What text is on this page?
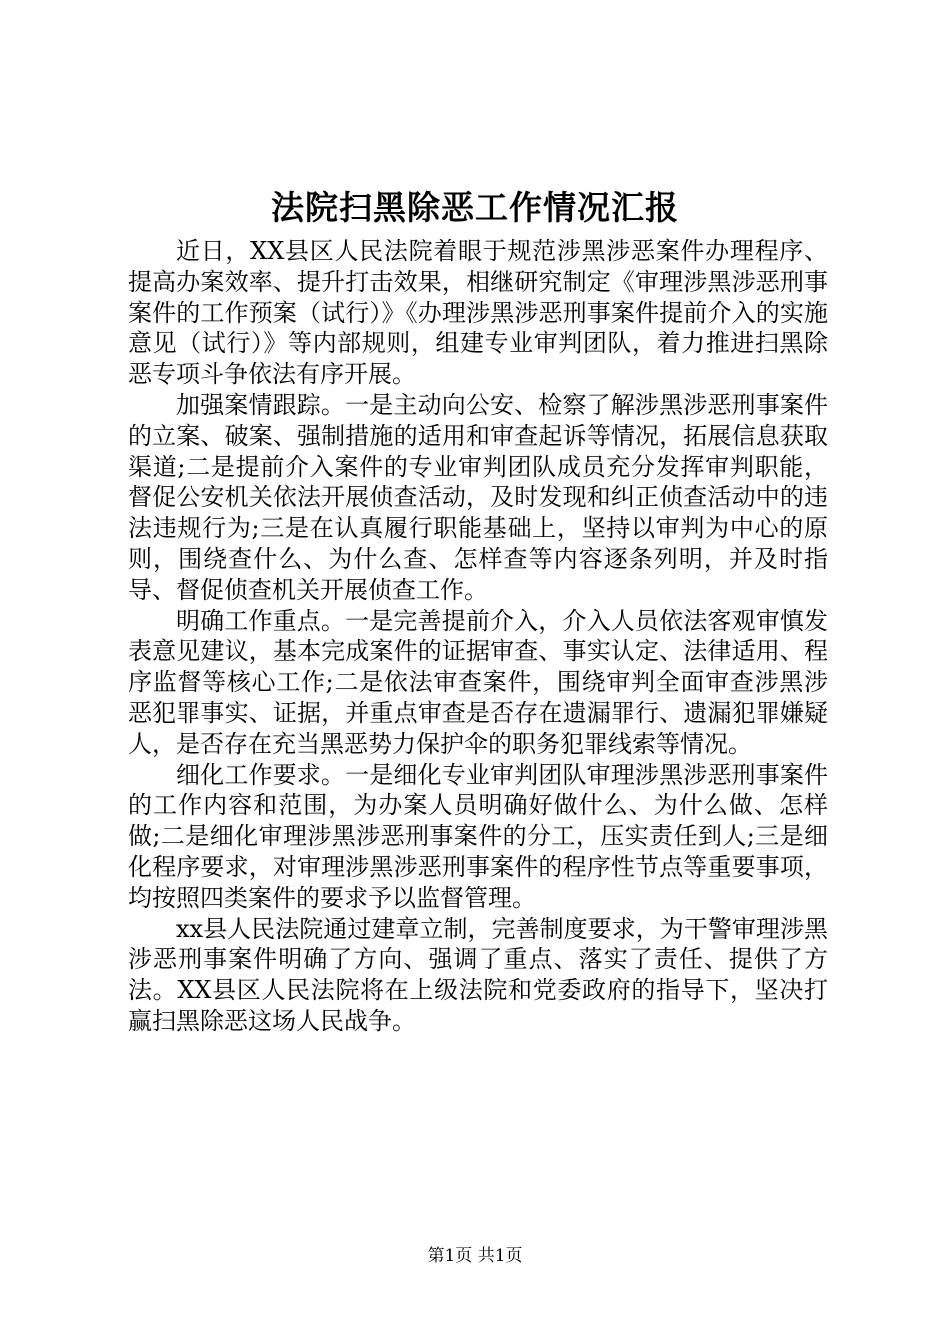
法院扫黑除恶工作情况汇报

近日，XX县区人民法院着眼于规范涉黑涉恶案件办理程序、提高办案效率、提升打击效果，相继研究制定《审理涉黑涉恶刑事案件的工作预案（试行）》《办理涉黑涉恶刑事案件提前介入的实施意见（试行）》等内部规则，组建专业审判团队，着力推进扫黑除恶专项斗争依法有序开展。

加强案情跟踪。一是主动向公安、检察了解涉黑涉恶刑事案件的立案、破案、强制措施的适用和审查起诉等情况，拓展信息获取渠道;二是提前介入案件的专业审判团队成员充分发挥审判职能，督促公安机关依法开展侦查活动，及时发现和纠正侦查活动中的违法违规行为;三是在认真履行职能基础上，坚持以审判为中心的原则，围绕查什么、为什么查、怎样查等内容逐条列明，并及时指导、督促侦查机关开展侦查工作。

明确工作重点。一是完善提前介入，介入人员依法客观审慎发表意见建议，基本完成案件的证据审查、事实认定、法律适用、程序监督等核心工作;二是依法审查案件，围绕审判全面审查涉黑涉恶犯罪事实、证据，并重点审查是否存在遗漏罪行、遗漏犯罪嫌疑人，是否存在充当黑恶势力保护伞的职务犯罪线索等情况。

细化工作要求。一是细化专业审判团队审理涉黑涉恶刑事案件的工作内容和范围，为办案人员明确好做什么、为什么做、怎样做;二是细化审理涉黑涉恶刑事案件的分工，压实责任到人;三是细化程序要求，对审理涉黑涉恶刑事案件的程序性节点等重要事项，均按照四类案件的要求予以监督管理。

xx县人民法院通过建章立制，完善制度要求，为干警审理涉黑涉恶刑事案件明确了方向、强调了重点、落实了责任、提供了方法。XX县区人民法院将在上级法院和党委政府的指导下，坚决打赢扫黑除恶这场人民战争。

第1页 共1页
